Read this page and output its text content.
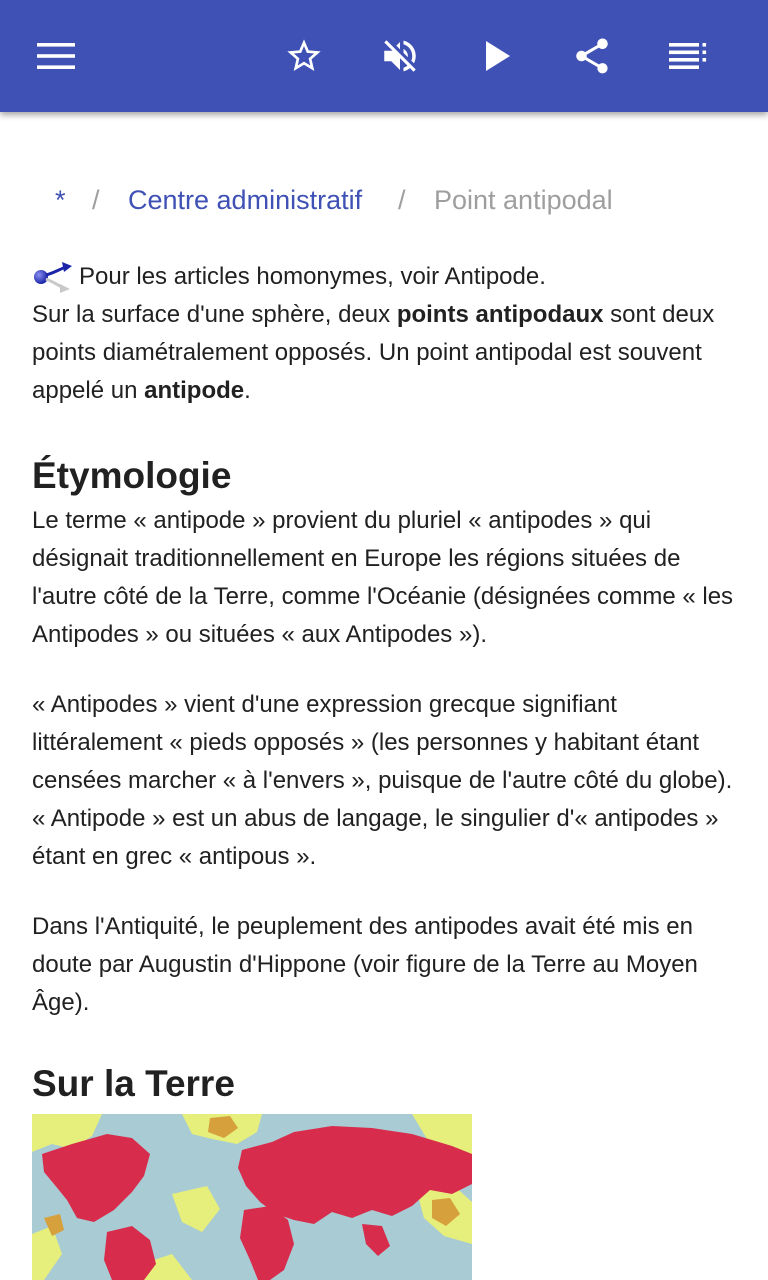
* / Centre administratif / Point antipodal
Pour les articles homonymes, voir Antipode.

Sur la surface d'une sphère, deux points antipodaux sont deux points diamétralement opposés. Un point antipodal est souvent appelé un antipode.

Étymologie

Le terme « antipode » provient du pluriel « antipodes » qui désignait traditionnellement en Europe les régions situées de l'autre côté de la Terre, comme l'Océanie (désignées comme « les Antipodes » ou situées « aux Antipodes »).

« Antipodes » vient d'une expression grecque signifiant littéralement « pieds opposés » (les personnes y habitant étant censées marcher « à l'envers », puisque de l'autre côté du globe). « Antipode » est un abus de langage, le singulier d'« antipodes » étant en grec « antipous ».

Dans l'Antiquité, le peuplement des antipodes avait été mis en doute par Augustin d'Hippone (voir figure de la Terre au Moyen Âge).

Sur la Terre
